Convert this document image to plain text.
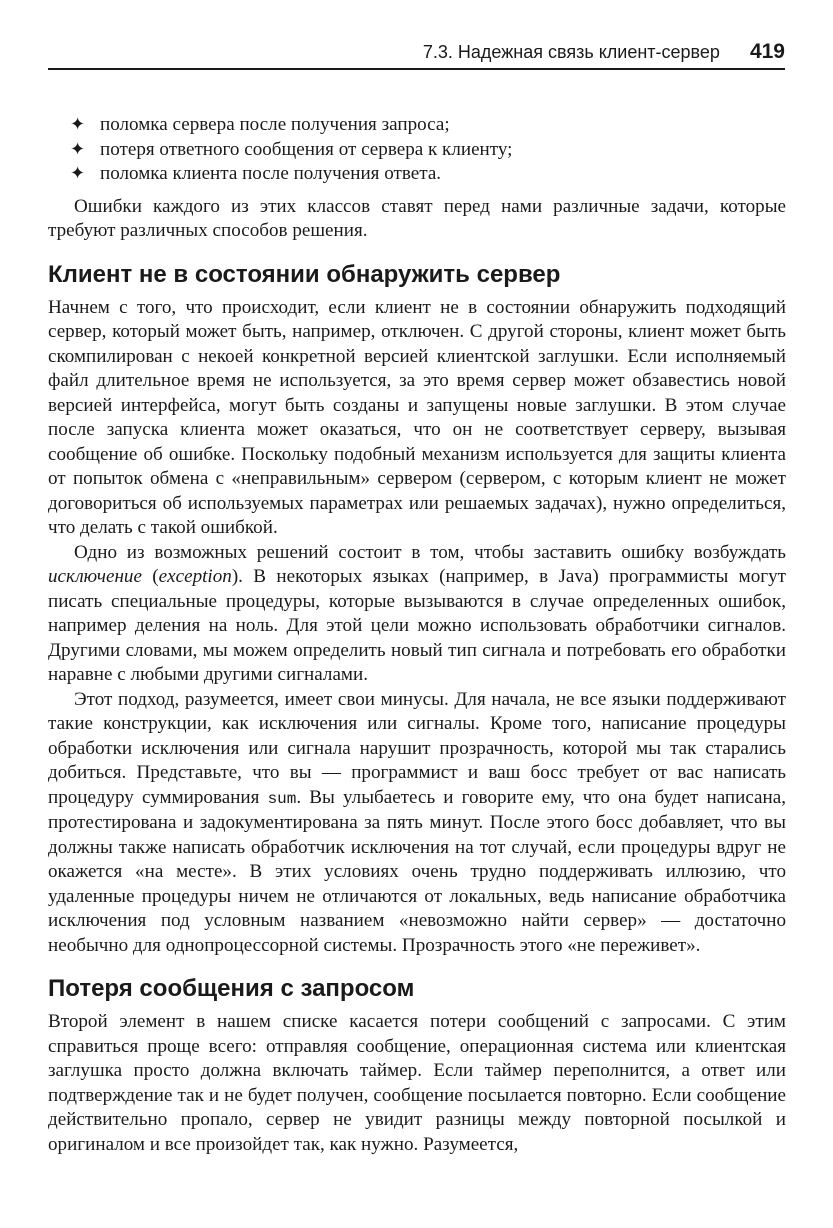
7.3. Надежная связь клиент-сервер 419
✦ поломка сервера после получения запроса;
✦ потеря ответного сообщения от сервера к клиенту;
✦ поломка клиента после получения ответа.

Ошибки каждого из этих классов ставят перед нами различные задачи, которые требуют различных способов решения.

Клиент не в состоянии обнаружить сервер

Начнем с того, что происходит, если клиент не в состоянии обнаружить подходящий сервер, который может быть, например, отключен. С другой стороны, клиент может быть скомпилирован с некоей конкретной версией клиентской заглушки. Если исполняемый файл длительное время не используется, за это время сервер может обзавестись новой версией интерфейса, могут быть созданы и запущены новые заглушки. В этом случае после запуска клиента может оказаться, что он не соответствует серверу, вызывая сообщение об ошибке. Поскольку подобный механизм используется для защиты клиента от попыток обмена с «неправильным» сервером (сервером, с которым клиент не может договориться об используемых параметрах или решаемых задачах), нужно определиться, что делать с такой ошибкой.

Одно из возможных решений состоит в том, чтобы заставить ошибку возбуждать исключение (exception). В некоторых языках (например, в Java) программисты могут писать специальные процедуры, которые вызываются в случае определенных ошибок, например деления на ноль. Для этой цели можно использовать обработчики сигналов. Другими словами, мы можем определить новый тип сигнала и потребовать его обработки наравне с любыми другими сигналами.

Этот подход, разумеется, имеет свои минусы. Для начала, не все языки поддерживают такие конструкции, как исключения или сигналы. Кроме того, написание процедуры обработки исключения или сигнала нарушит прозрачность, которой мы так старались добиться. Представьте, что вы — программист и ваш босс требует от вас написать процедуру суммирования sum. Вы улыбаетесь и говорите ему, что она будет написана, протестирована и задокументирована за пять минут. После этого босс добавляет, что вы должны также написать обработчик исключения на тот случай, если процедуры вдруг не окажется «на месте». В этих условиях очень трудно поддерживать иллюзию, что удаленные процедуры ничем не отличаются от локальных, ведь написание обработчика исключения под условным названием «невозможно найти сервер» — достаточно необычно для однопроцессорной системы. Прозрачность этого «не переживет».

Потеря сообщения с запросом

Второй элемент в нашем списке касается потери сообщений с запросами. С этим справиться проще всего: отправляя сообщение, операционная система или клиентская заглушка просто должна включать таймер. Если таймер переполнится, а ответ или подтверждение так и не будет получен, сообщение посылается повторно. Если сообщение действительно пропало, сервер не увидит разницы между повторной посылкой и оригиналом и все произойдет так, как нужно. Разумеется,
